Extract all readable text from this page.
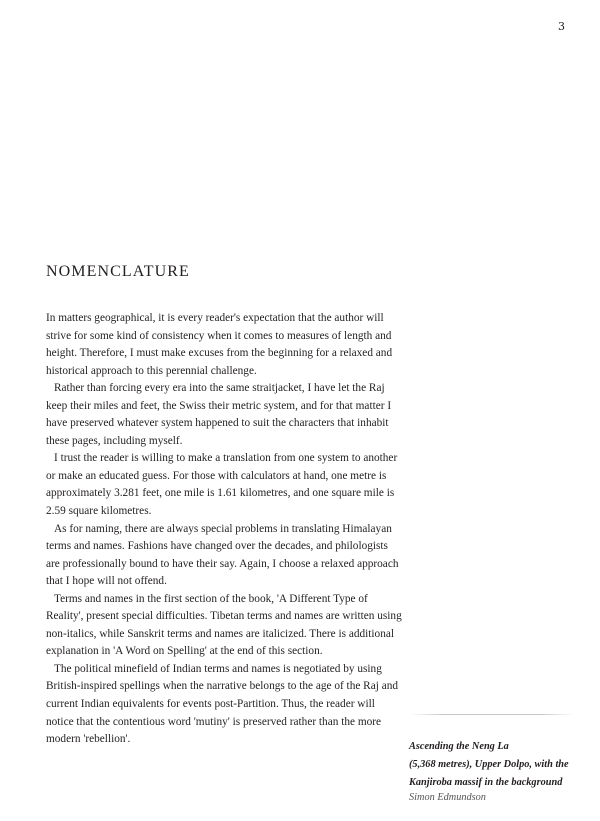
3
NOMENCLATURE

In matters geographical, it is every reader's expectation that the author will strive for some kind of consistency when it comes to measures of length and height. Therefore, I must make excuses from the beginning for a relaxed and historical approach to this perennial challenge.

Rather than forcing every era into the same straitjacket, I have let the Raj keep their miles and feet, the Swiss their metric system, and for that matter I have preserved whatever system happened to suit the characters that inhabit these pages, including myself.

I trust the reader is willing to make a translation from one system to another or make an educated guess. For those with calculators at hand, one metre is approximately 3.281 feet, one mile is 1.61 kilometres, and one square mile is 2.59 square kilometres.

As for naming, there are always special problems in translating Himalayan terms and names. Fashions have changed over the decades, and philologists are professionally bound to have their say. Again, I choose a relaxed approach that I hope will not offend.

Terms and names in the first section of the book, 'A Different Type of Reality', present special difficulties. Tibetan terms and names are written using non-italics, while Sanskrit terms and names are italicized. There is additional explanation in 'A Word on Spelling' at the end of this section.

The political minefield of Indian terms and names is negotiated by using British-inspired spellings when the narrative belongs to the age of the Raj and current Indian equivalents for events post-Partition. Thus, the reader will notice that the contentious word 'mutiny' is preserved rather than the more modern 'rebellion'.

Ascending the Neng La
(5,368 metres), Upper Dolpo, with the
Kanjiroba massif in the background
Simon Edmundson
